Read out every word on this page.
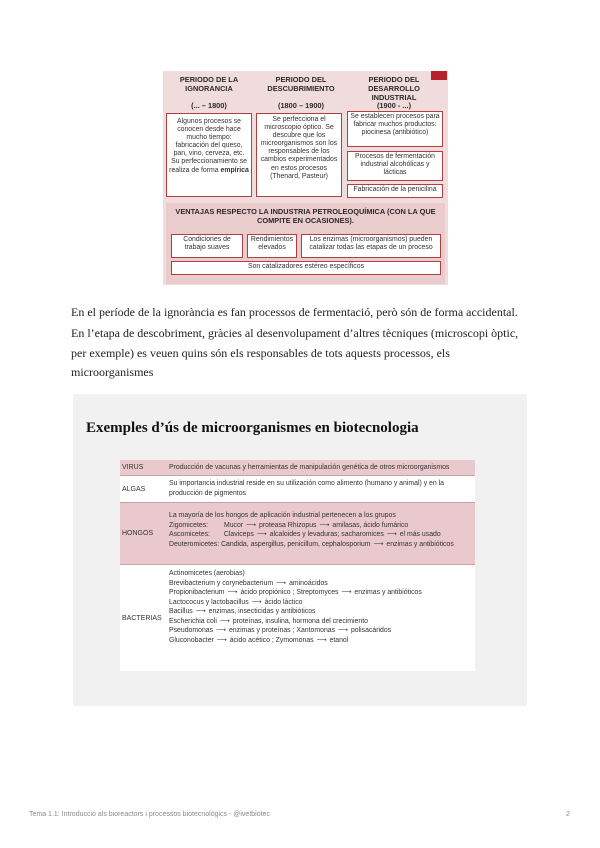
PERIODO DE LA IGNORANCIA
(... – 1800)
PERIODO DEL DESCUBRIMIENTO
(1800 – 1900)
PERIODO DEL DESARROLLO INDUSTRIAL
(1900 - ...)
Algunos procesos se conocen desde hace mucho tiempo: fabricación del queso, pan, vino, cerveza, etc. Su perfeccionamiento se realiza de forma empírica
Se perfecciona el microscopio óptico. Se descubre que los microorganismos son los responsables de los cambios experimentados en estos procesos (Thenard, Pasteur)
Se establecen procesos para fabricar muchos productos: piocinesa (antibiótico)
Procesos de fermentación industrial alcohólicas y lácticas
Fabricación de la penicilina
VENTAJAS RESPECTO LA INDUSTRIA PETROLEOQUÍMICA (CON LA QUE COMPITE EN OCASIONES).
Condiciones de trabajo suaves
Rendimientos elevados
Los enzimas (microorganismos) pueden catalizar todas las etapas de un proceso
Son catalizadores estéreo específicos
En el període de la ignorància es fan processos de fermentació, però són de forma accidental.
En l’etapa de descobriment, gràcies al desenvolupament d’altres tècniques (microscopi òptic, per exemple) es veuen quins són els responsables de tots aquests processos, els microorganismes
Exemples d’ús de microorganismes en biotecnologia
VIRUS	Producción de vacunas y herramientas de manipulación genética de otros microorganismos
ALGAS
Su importancia industrial reside en su utilización como alimento (humano y animal) y en la producción de pigmentos
HONGOS
La mayoría de los hongos de aplicación industrial pertenecen a los grupos
Zigomicetes: Mucor ⟶ proteasa Rhizopus ⟶ amilasas, ácido fumárico
Ascomicetes: Claviceps ⟶ alcaloides y levaduras; sacharomices ⟶ el más usado
Deuteromicetes: Candida, aspergillus, penicillum, cephalosporium ⟶ enzimas y antibióticos
BACTERIAS
Actinomicetes (aerobias)
Brevibacterium y corynebacterium ⟶ aminoácidos
Propionibacterium ⟶ ácido propiónico ; Streptomyces ⟶ enzimas y antibióticos
Lactococus y lactobacillus ⟶ ácido láctico
Bacillus ⟶ enzimas, insecticidas y antibióticos
Escherichia coli ⟶ proteínas, insulina, hormona del crecimiento
Pseudomonas ⟶ enzimas y proteínas ; Xantomonas ⟶ polisacáridos
Gluconobacter ⟶ ácido acético ; Zymomonas ⟶ etanol
Tema 1.1: Introducció als bioreactors i processos biotecnològics - @ivetbiotec	2
